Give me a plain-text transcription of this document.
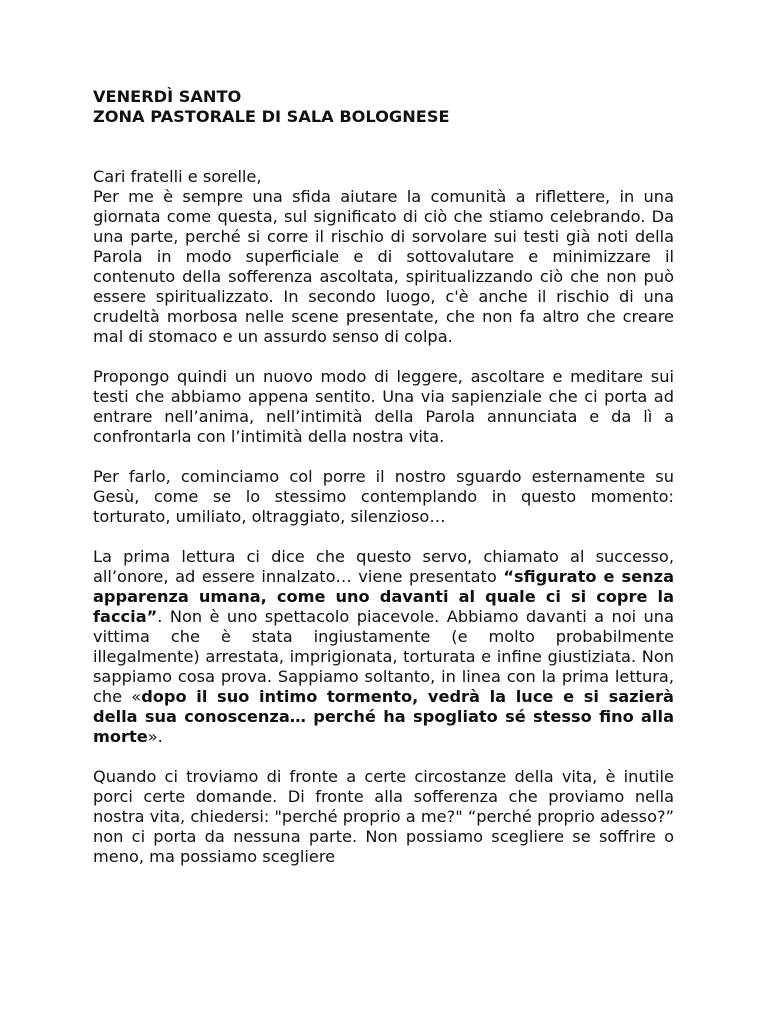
VENERDÌ SANTO

ZONA PASTORALE DI SALA BOLOGNESE

Cari fratelli e sorelle,

Per me è sempre una sfida aiutare la comunità a riflettere, in una giornata come questa, sul significato di ciò che stiamo celebrando. Da una parte, perché si corre il rischio di sorvolare sui testi già noti della Parola in modo superficiale e di sottovalutare e minimizzare il contenuto della sofferenza ascoltata, spiritualizzando ciò che non può essere spiritualizzato. In secondo luogo, c'è anche il rischio di una crudeltà morbosa nelle scene presentate, che non fa altro che creare mal di stomaco e un assurdo senso di colpa.

Propongo quindi un nuovo modo di leggere, ascoltare e meditare sui testi che abbiamo appena sentito. Una via sapienziale che ci porta ad entrare nell’anima, nell’intimità della Parola annunciata e da lì a confrontarla con l’intimità della nostra vita.

Per farlo, cominciamo col porre il nostro sguardo esternamente su Gesù, come se lo stessimo contemplando in questo momento: torturato, umiliato, oltraggiato, silenzioso…

La prima lettura ci dice che questo servo, chiamato al successo, all’onore, ad essere innalzato… viene presentato “sfigurato e senza apparenza umana, come uno davanti al quale ci si copre la faccia”. Non è uno spettacolo piacevole. Abbiamo davanti a noi una vittima che è stata ingiustamente (e molto probabilmente illegalmente) arrestata, imprigionata, torturata e infine giustiziata. Non sappiamo cosa prova. Sappiamo soltanto, in linea con la prima lettura, che «dopo il suo intimo tormento, vedrà la luce e si sazierà della sua conoscenza… perché ha spogliato sé stesso fino alla morte».

Quando ci troviamo di fronte a certe circostanze della vita, è inutile porci certe domande. Di fronte alla sofferenza che proviamo nella nostra vita, chiedersi: "perché proprio a me?" “perché proprio adesso?” non ci porta da nessuna parte. Non possiamo scegliere se soffrire o meno, ma possiamo scegliere
